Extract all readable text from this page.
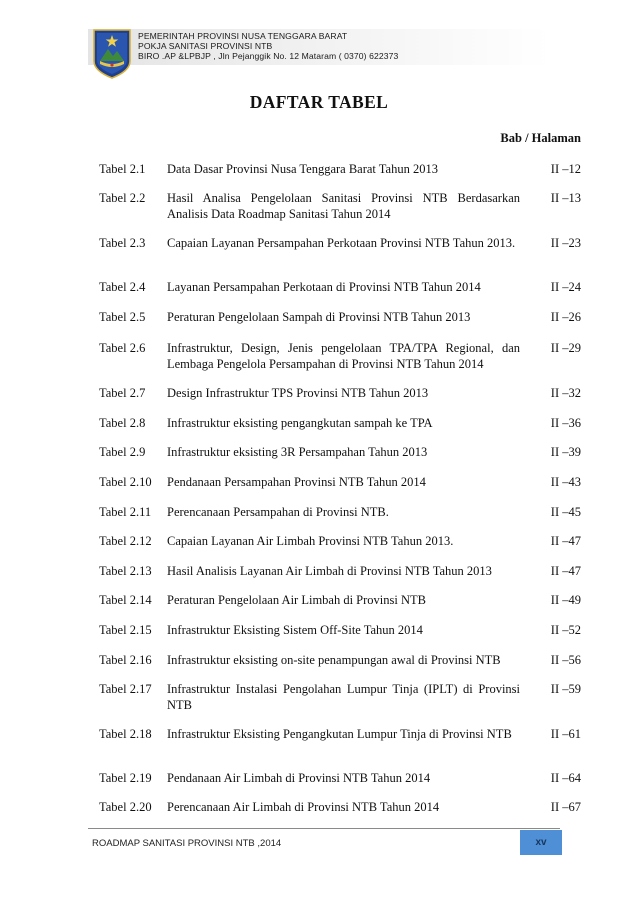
PEMERINTAH PROVINSI NUSA TENGGARA BARAT
POKJA SANITASI PROVINSI NTB
BIRO .AP &LPBJP , Jln Pejanggik No. 12 Mataram ( 0370) 622373
DAFTAR TABEL
Bab / Halaman
Tabel 2.1 Data Dasar Provinsi Nusa Tenggara Barat Tahun 2013	II –12
Tabel 2.2 Hasil Analisa Pengelolaan Sanitasi Provinsi NTB Berdasarkan Analisis Data Roadmap Sanitasi Tahun 2014
II –13
Tabel 2.3 Capaian Layanan Persampahan Perkotaan Provinsi NTB Tahun 2013.	II –23
Tabel 2.4 Layanan Persampahan Perkotaan di Provinsi NTB Tahun 2014	II –24
Tabel 2.5 Peraturan Pengelolaan Sampah di Provinsi NTB Tahun 2013	II –26
Tabel 2.6 Infrastruktur, Design, Jenis pengelolaan TPA/TPA Regional, dan Lembaga Pengelola Persampahan di Provinsi NTB Tahun 2014
II –29
Tabel 2.7 Design Infrastruktur TPS Provinsi NTB Tahun 2013	II –32
Tabel 2.8 Infrastruktur eksisting pengangkutan sampah ke TPA	II –36
Tabel 2.9 Infrastruktur eksisting 3R Persampahan Tahun 2013	II –39
Tabel 2.10 Pendanaan Persampahan Provinsi NTB Tahun 2014	II –43
Tabel 2.11 Perencanaan Persampahan di Provinsi NTB.	II –45
Tabel 2.12 Capaian Layanan Air Limbah Provinsi NTB Tahun 2013.	II –47
Tabel 2.13 Hasil Analisis Layanan Air Limbah di Provinsi NTB Tahun 2013	II –47
Tabel 2.14 Peraturan Pengelolaan Air Limbah di Provinsi NTB	II –49
Tabel 2.15 Infrastruktur Eksisting Sistem Off-Site Tahun 2014	II –52
Tabel 2.16 Infrastruktur eksisting on-site penampungan awal di Provinsi NTB	II –56
Tabel 2.17 Infrastruktur Instalasi Pengolahan Lumpur Tinja (IPLT) di Provinsi NTB
II –59
Tabel 2.18 Infrastruktur Eksisting Pengangkutan Lumpur Tinja di Provinsi NTB	II –61
Tabel 2.19 Pendanaan Air Limbah di Provinsi NTB Tahun 2014	II –64
Tabel 2.20 Perencanaan Air Limbah di Provinsi NTB Tahun 2014	II –67
ROADMAP SANITASI PROVINSI NTB ,2014	xv
